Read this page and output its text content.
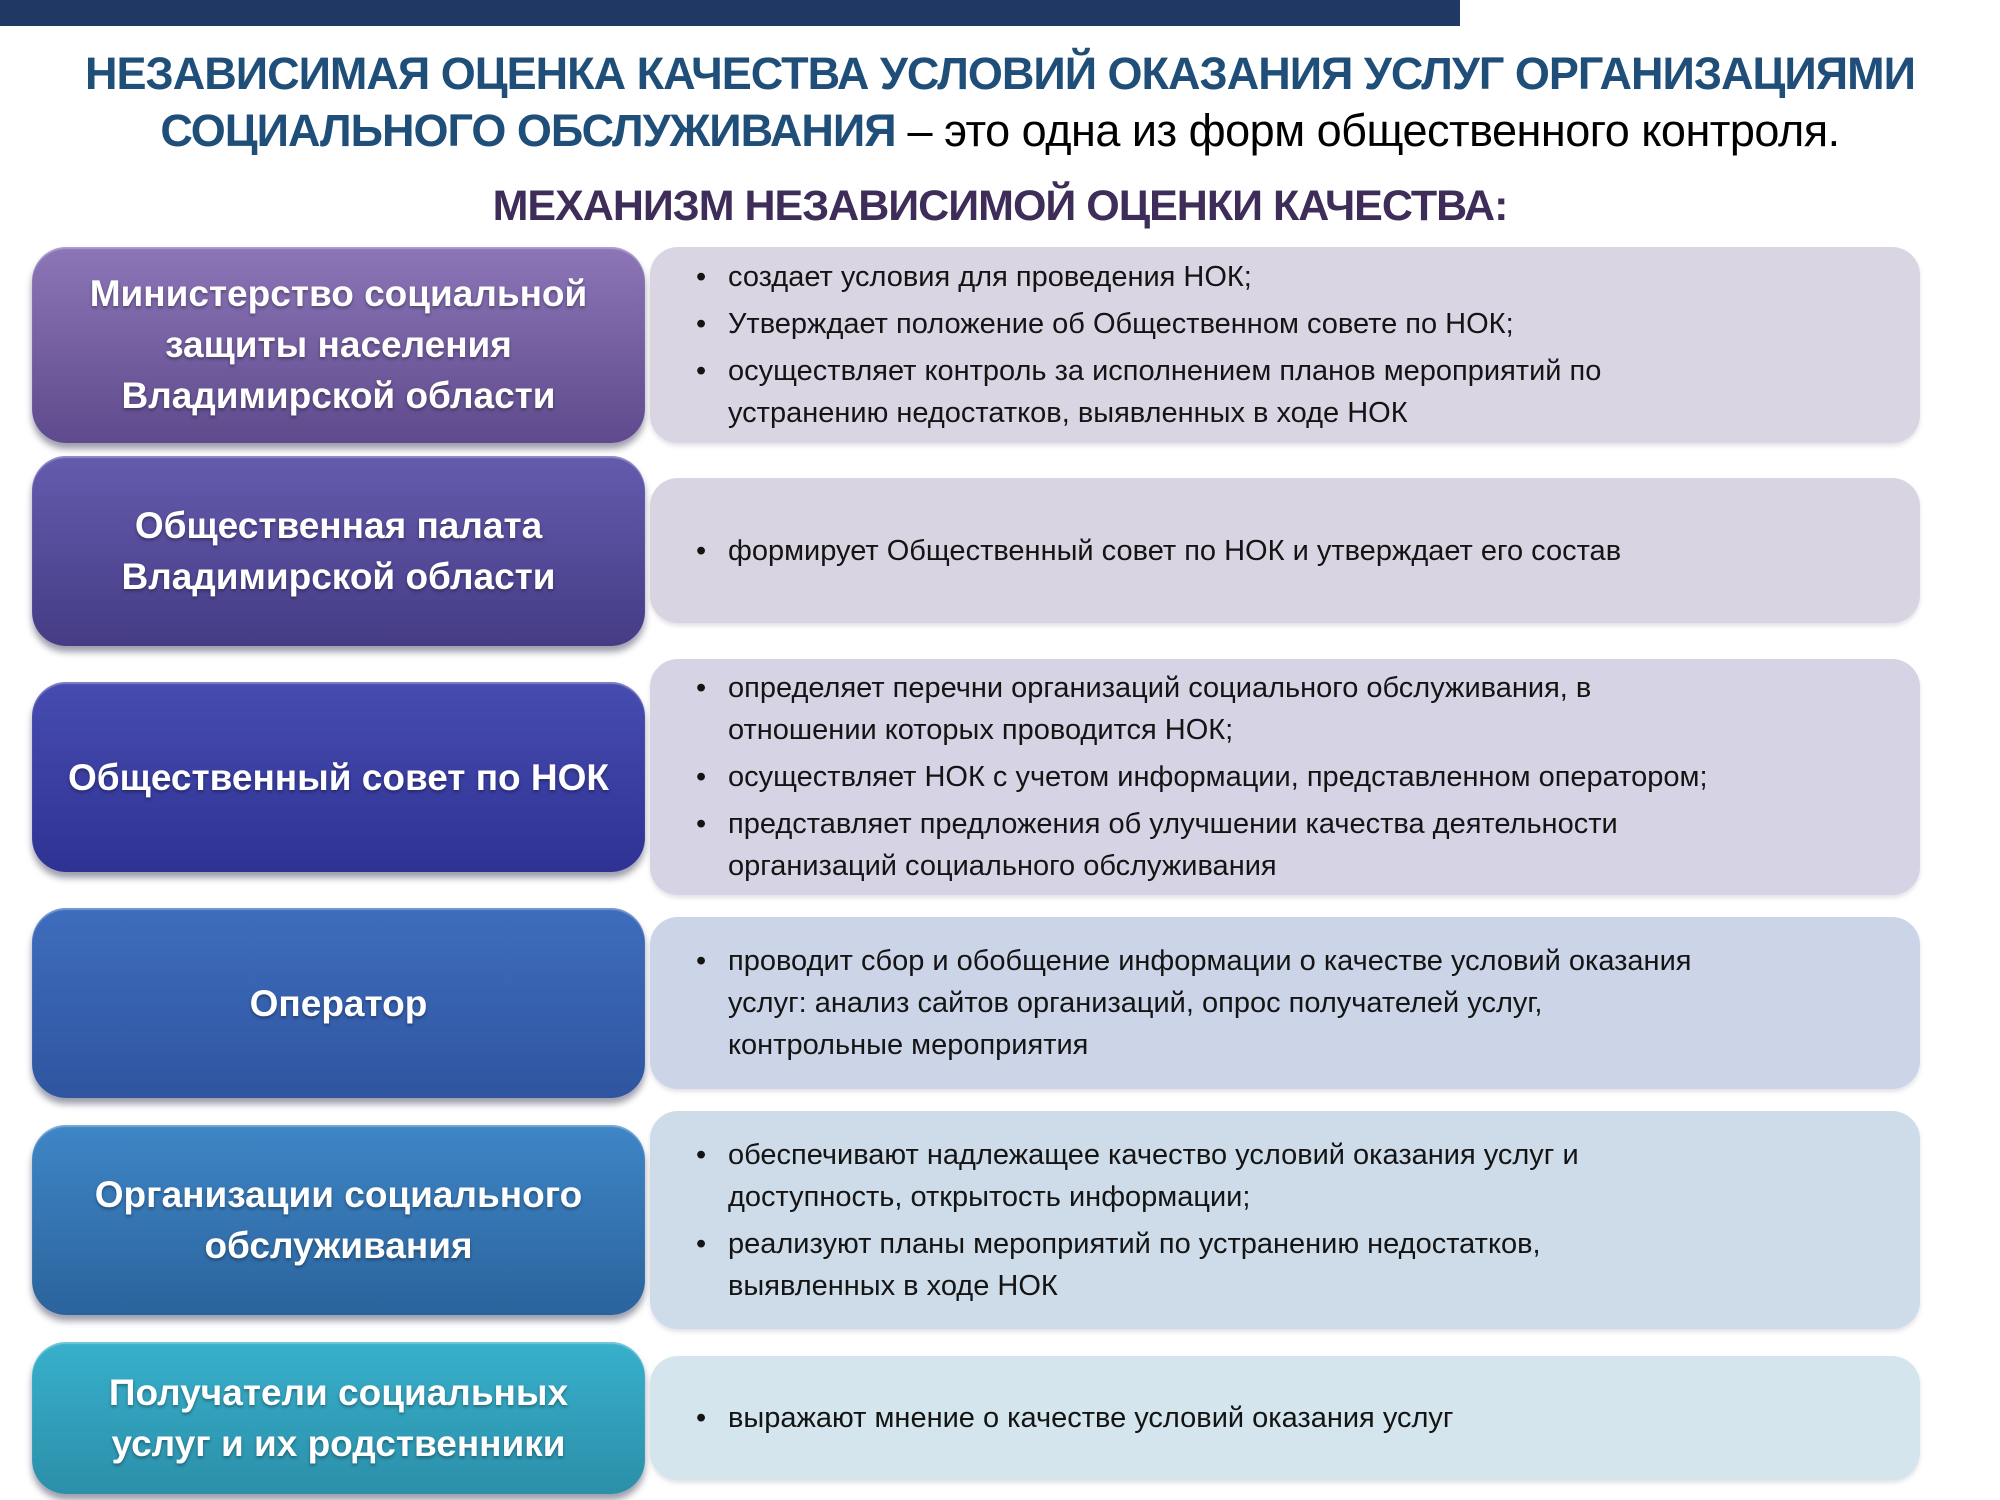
НЕЗАВИСИМАЯ ОЦЕНКА КАЧЕСТВА УСЛОВИЙ ОКАЗАНИЯ УСЛУГ ОРГАНИЗАЦИЯМИ
СОЦИАЛЬНОГО ОБСЛУЖИВАНИЯ – это одна из форм общественного контроля.
МЕХАНИЗМ НЕЗАВИСИМОЙ ОЦЕНКИ КАЧЕСТВА:
Министерство социальной защиты населения Владимирской области
• создает условия для проведения НОК;
• Утверждает положение об Общественном совете по НОК;
• осуществляет контроль за исполнением планов мероприятий по устранению недостатков, выявленных в ходе НОК
Общественная палата Владимирской области
• формирует Общественный совет по НОК и утверждает его состав
Общественный совет по НОК
• определяет перечни организаций социального обслуживания, в отношении которых проводится НОК;
• осуществляет НОК с учетом информации, представленном оператором;
• представляет предложения об улучшении качества деятельности организаций социального обслуживания
Оператор
• проводит сбор и обобщение информации о качестве условий оказания услуг: анализ сайтов организаций, опрос получателей услуг, контрольные мероприятия
Организации социального обслуживания
• обеспечивают надлежащее качество условий оказания услуг и доступность, открытость информации;
• реализуют планы мероприятий по устранению недостатков, выявленных в ходе НОК
Получатели социальных услуг и их родственники
• выражают мнение о качестве условий оказания услуг
